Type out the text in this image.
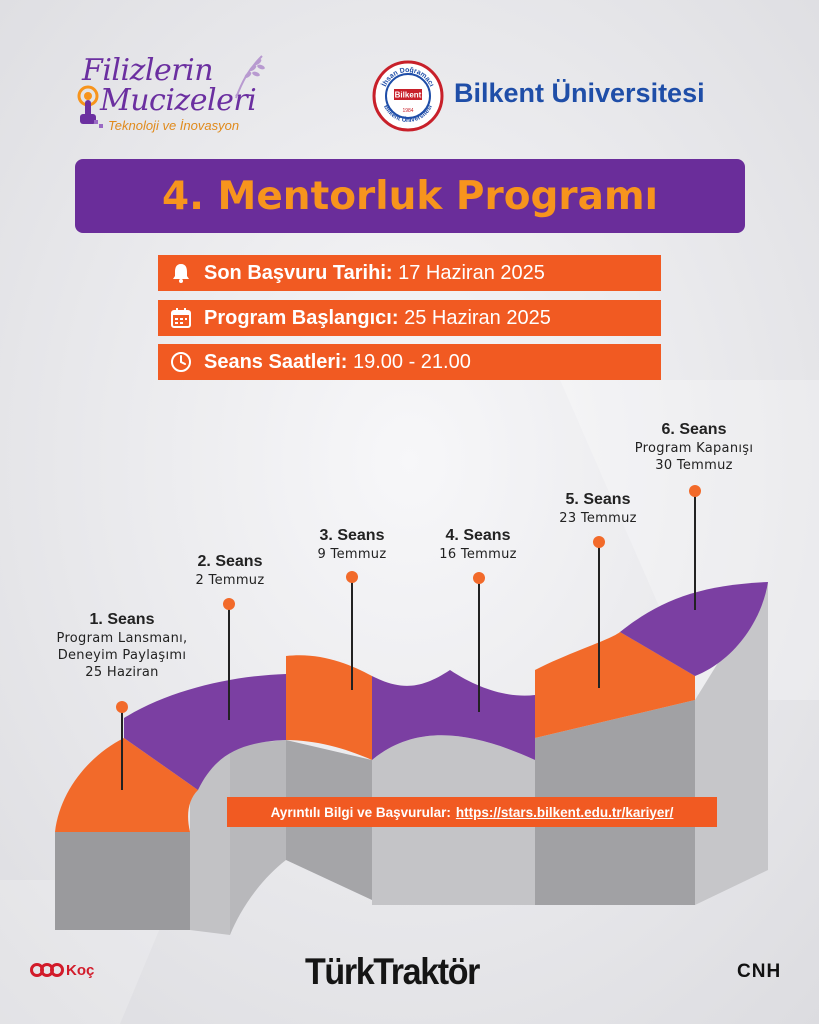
Filizlerin
Mucizeleri
Teknoloji ve İnovasyon
İhsan Doğramacı
Bilkent Üniversitesi
Bilkent
1984
Bilkent Üniversitesi
4. Mentorluk Programı
Son Başvuru Tarihi: 17 Haziran 2025
Program Başlangıcı: 25 Haziran 2025
Seans Saatleri: 19.00 - 21.00
1. Seans
Program Lansmanı,
Deneyim Paylaşımı
25 Haziran
2. Seans
2 Temmuz
3. Seans
9 Temmuz
4. Seans
16 Temmuz
5. Seans
23 Temmuz
6. Seans
Program Kapanışı
30 Temmuz
Ayrıntılı Bilgi ve Başvurular: https://stars.bilkent.edu.tr/kariyer/
Koç	TürkTraktör	CNH
